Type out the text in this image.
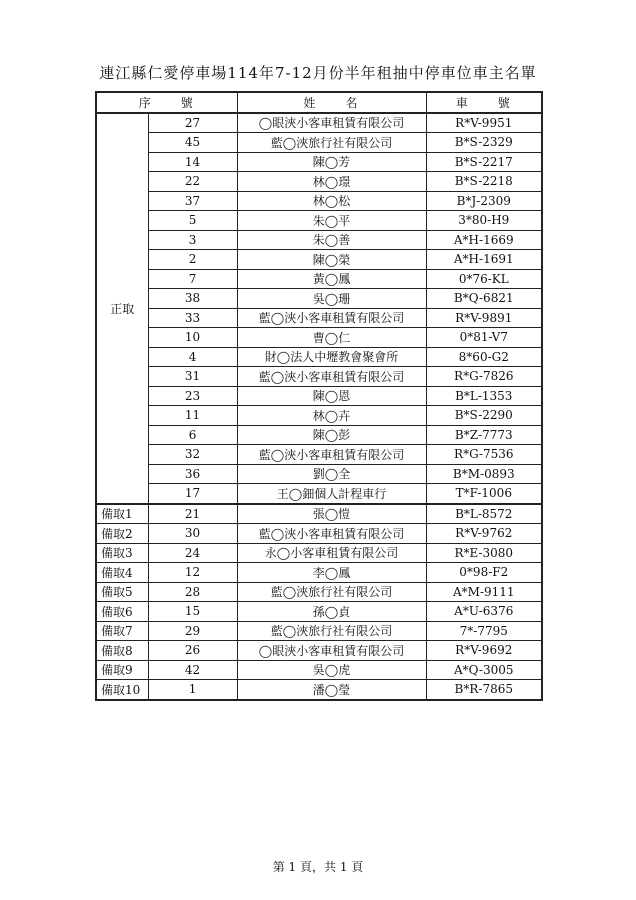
連江縣仁愛停車場114年7-12月份半年租抽中停車位車主名單
序　　號		姓　　名	車　　號
正取	27	◯眼浹小客車租賃有限公司	R*V-9951
	45	藍◯浹旅行社有限公司	B*S-2329
	14	陳◯芳	B*S-2217
	22	林◯璟	B*S-2218
	37	林◯松	B*J-2309
	5	朱◯平	3*80-H9
	3	朱◯善	A*H-1669
	2	陳◯榮	A*H-1691
	7	黃◯鳳	0*76-KL
	38	吳◯珊	B*Q-6821
	33	藍◯浹小客車租賃有限公司	R*V-9891
	10	曹◯仁	0*81-V7
	4	財◯法人中壢教會聚會所	8*60-G2
	31	藍◯浹小客車租賃有限公司	R*G-7826
	23	陳◯恩	B*L-1353
	11	林◯卉	B*S-2290
	6	陳◯彭	B*Z-7773
	32	藍◯浹小客車租賃有限公司	R*G-7536
	36	劉◯全	B*M-0893
	17	王◯鈿個人計程車行	T*F-1006
備取1	21	張◯愷	B*L-8572
備取2	30	藍◯浹小客車租賃有限公司	R*V-9762
備取3	24	永◯小客車租賃有限公司	R*E-3080
備取4	12	李◯鳳	0*98-F2
備取5	28	藍◯浹旅行社有限公司	A*M-9111
備取6	15	孫◯貞	A*U-6376
備取7	29	藍◯浹旅行社有限公司	7*-7795
備取8	26	◯眼浹小客車租賃有限公司	R*V-9692
備取9	42	吳◯虎	A*Q-3005
備取10	1	潘◯瑩	B*R-7865
第 1 頁，共 1 頁
